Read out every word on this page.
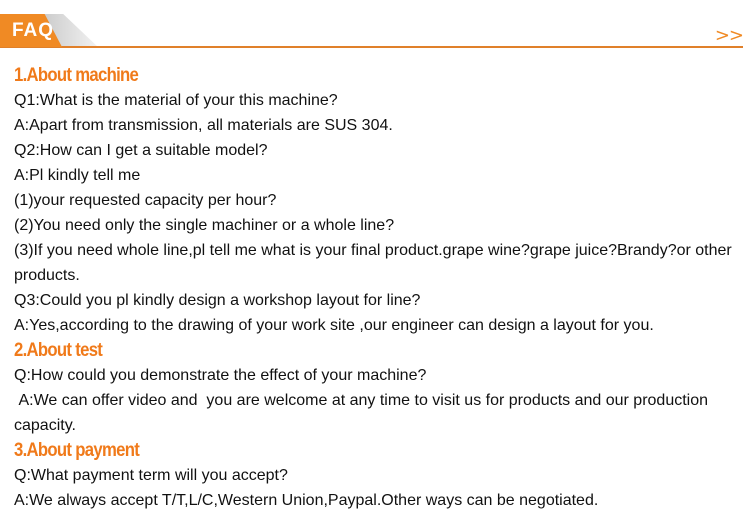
FAQ	>>
1.About machine
Q1:What is the material of your this machine?
A:Apart from transmission, all materials are SUS 304.
Q2:How can I get a suitable model?
A:Pl kindly tell me
(1)your requested capacity per hour?
(2)You need only the single machiner or a whole line?
(3)If you need whole line,pl tell me what is your final product.grape wine?grape juice?Brandy?or other products.
Q3:Could you pl kindly design a workshop layout for line?
A:Yes,according to the drawing of your work site ,our engineer can design a layout for you.
2.About test
Q:How could you demonstrate the effect of your machine?
A:We can offer video and  you are welcome at any time to visit us for products and our production capacity.
3.About payment
Q:What payment term will you accept?
A:We always accept T/T,L/C,Western Union,Paypal.Other ways can be negotiated.
